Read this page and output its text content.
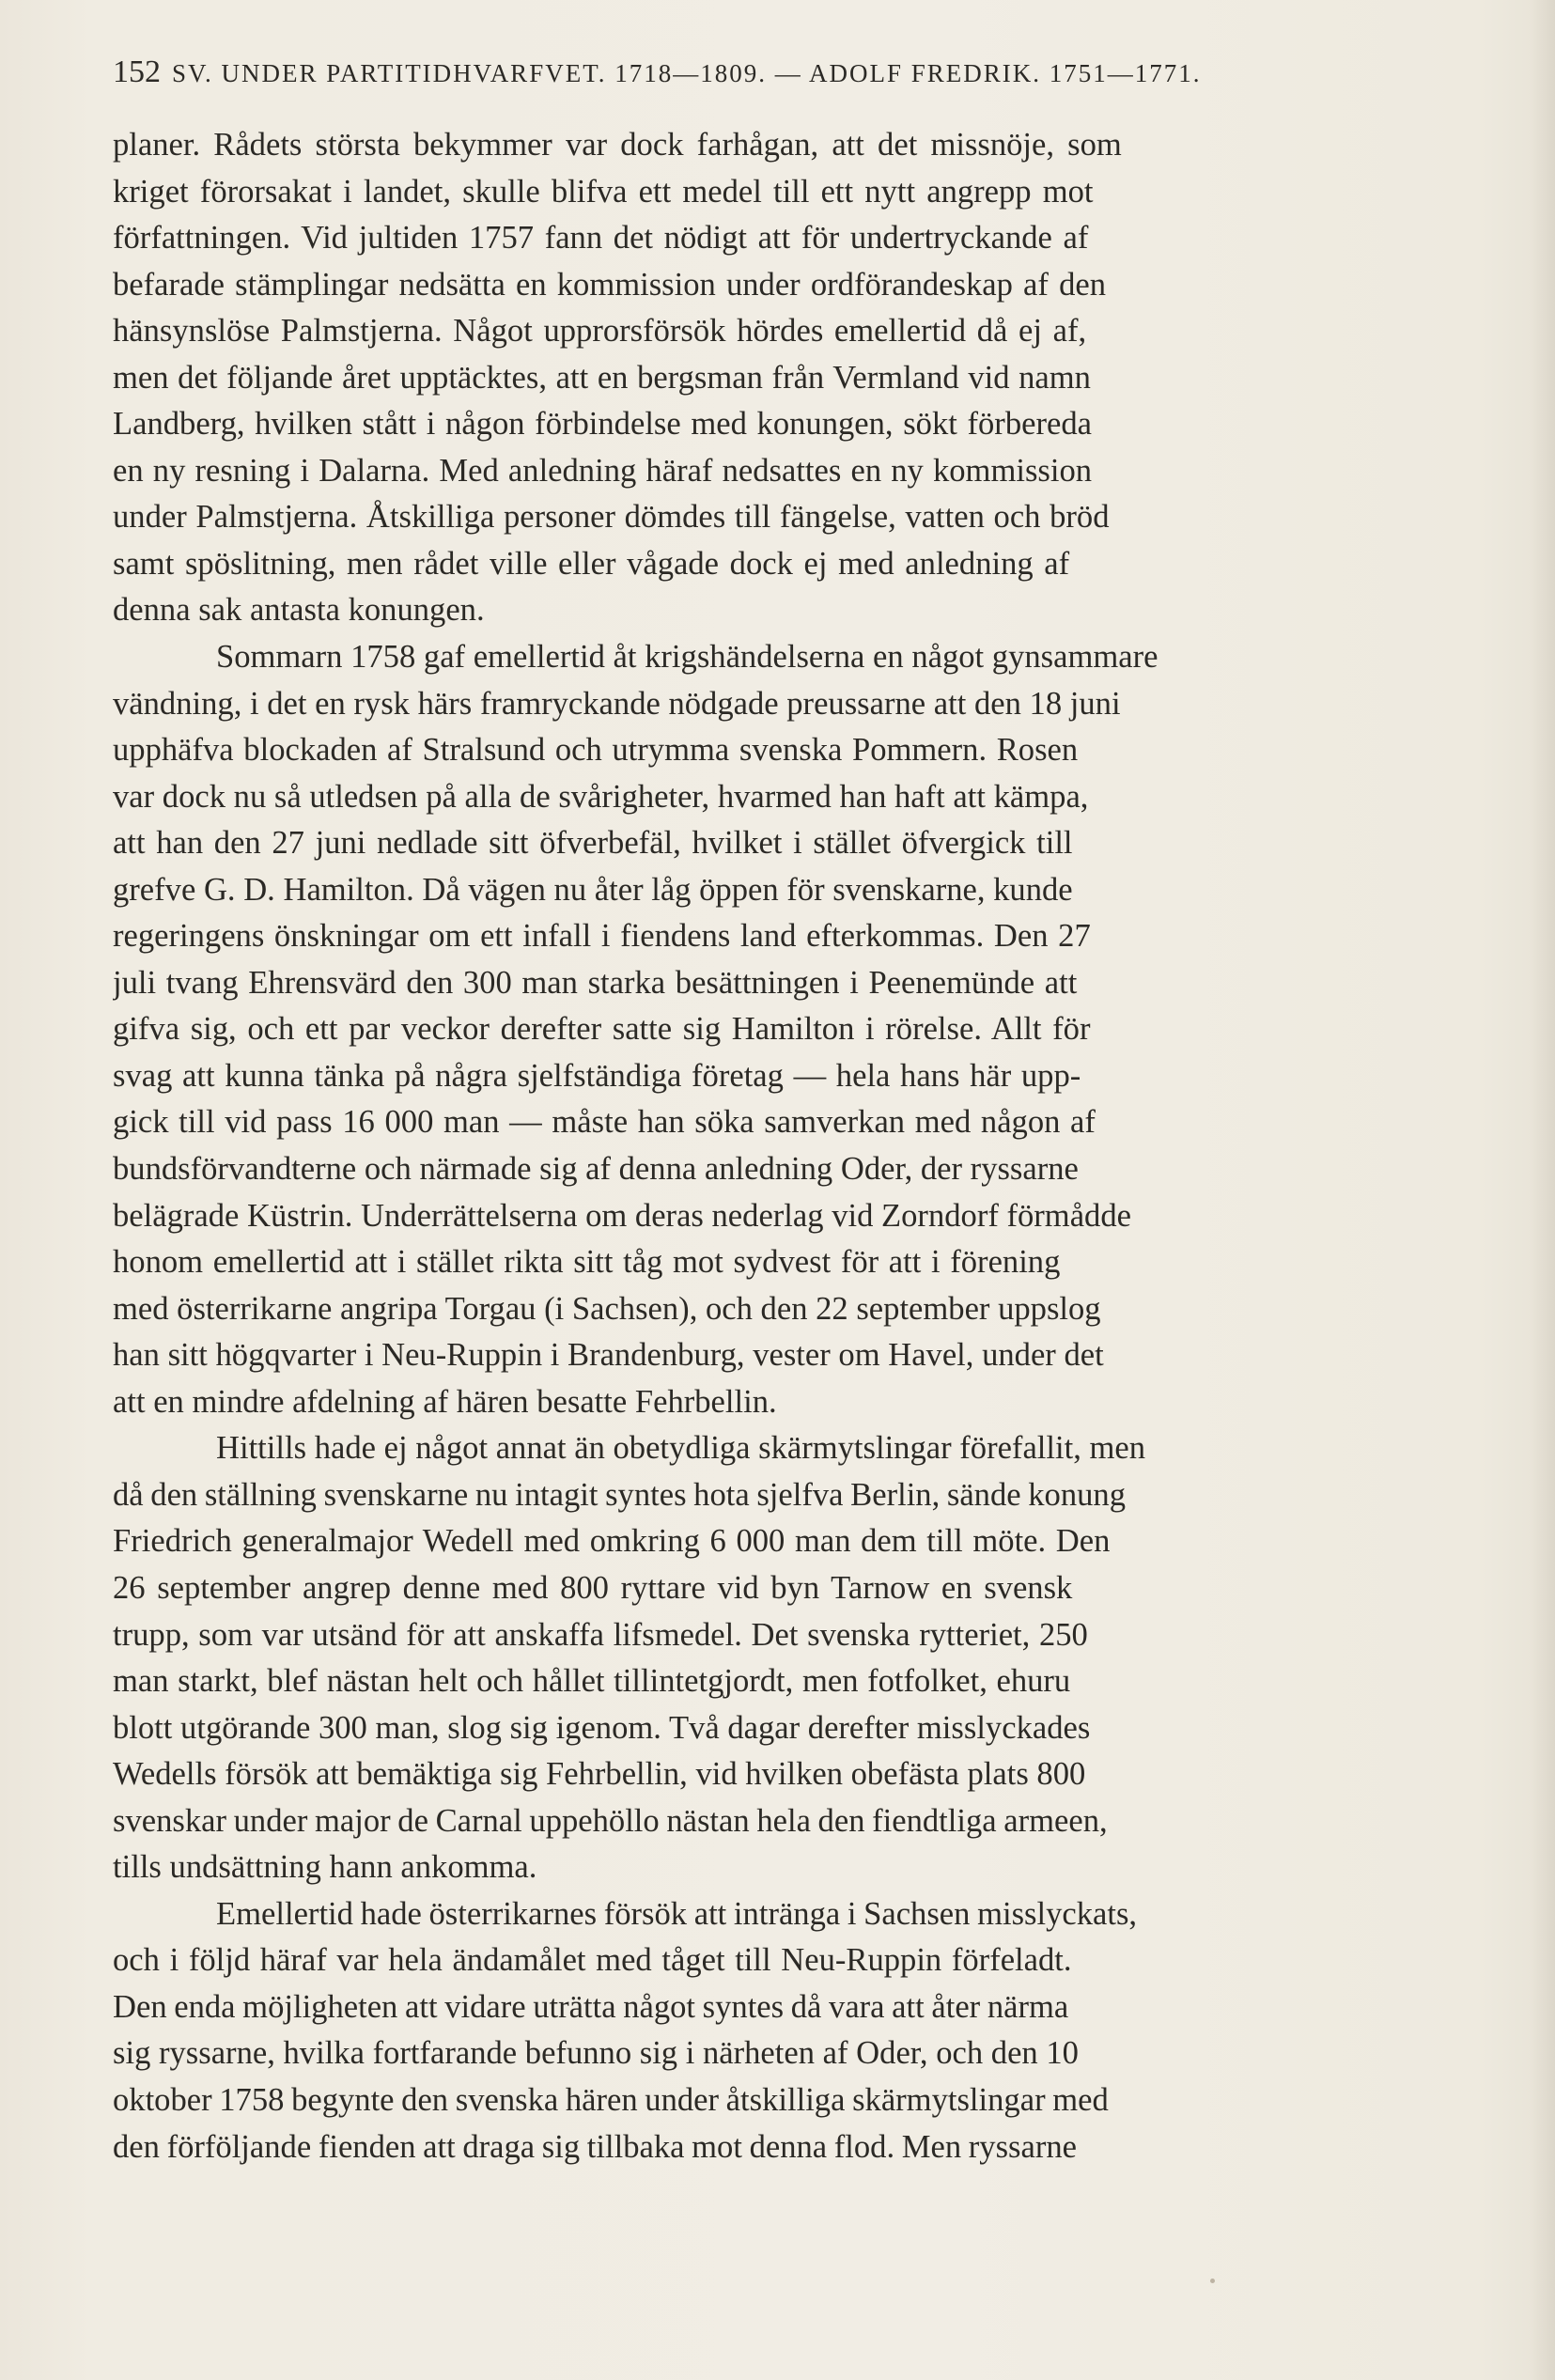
152 SV. UNDER PARTITIDHVARFVET. 1718—1809. — ADOLF FREDRIK. 1751—1771.
planer. Rådets största bekymmer var dock farhågan, att det missnöje, som
kriget förorsakat i landet, skulle blifva ett medel till ett nytt angrepp mot
författningen. Vid jultiden 1757 fann det nödigt att för undertryckande af
befarade stämplingar nedsätta en kommission under ordförandeskap af den
hänsynslöse Palmstjerna. Något upprorsförsök hördes emellertid då ej af,
men det följande året upptäcktes, att en bergsman från Vermland vid namn
Landberg, hvilken stått i någon förbindelse med konungen, sökt förbereda
en ny resning i Dalarna. Med anledning häraf nedsattes en ny kommission
under Palmstjerna. Åtskilliga personer dömdes till fängelse, vatten och bröd
samt spöslitning, men rådet ville eller vågade dock ej med anledning af
denna sak antasta konungen.
Sommarn 1758 gaf emellertid åt krigshändelserna en något gynsammare
vändning, i det en rysk härs framryckande nödgade preussarne att den 18 juni
upphäfva blockaden af Stralsund och utrymma svenska Pommern. Rosen
var dock nu så utledsen på alla de svårigheter, hvarmed han haft att kämpa,
att han den 27 juni nedlade sitt öfverbefäl, hvilket i stället öfvergick till
grefve G. D. Hamilton. Då vägen nu åter låg öppen för svenskarne, kunde
regeringens önskningar om ett infall i fiendens land efterkommas. Den 27
juli tvang Ehrensvärd den 300 man starka besättningen i Peenemünde att
gifva sig, och ett par veckor derefter satte sig Hamilton i rörelse. Allt för
svag att kunna tänka på några sjelfständiga företag — hela hans här upp-
gick till vid pass 16 000 man — måste han söka samverkan med någon af
bundsförvandterne och närmade sig af denna anledning Oder, der ryssarne
belägrade Küstrin. Underrättelserna om deras nederlag vid Zorndorf förmådde
honom emellertid att i stället rikta sitt tåg mot sydvest för att i förening
med österrikarne angripa Torgau (i Sachsen), och den 22 september uppslog
han sitt högqvarter i Neu-Ruppin i Brandenburg, vester om Havel, under det
att en mindre afdelning af hären besatte Fehrbellin.
Hittills hade ej något annat än obetydliga skärmytslingar förefallit, men
då den ställning svenskarne nu intagit syntes hota sjelfva Berlin, sände konung
Friedrich generalmajor Wedell med omkring 6 000 man dem till möte. Den
26 september angrep denne med 800 ryttare vid byn Tarnow en svensk
trupp, som var utsänd för att anskaffa lifsmedel. Det svenska rytteriet, 250
man starkt, blef nästan helt och hållet tillintetgjordt, men fotfolket, ehuru
blott utgörande 300 man, slog sig igenom. Två dagar derefter misslyckades
Wedells försök att bemäktiga sig Fehrbellin, vid hvilken obefästa plats 800
svenskar under major de Carnal uppehöllo nästan hela den fiendtliga armeen,
tills undsättning hann ankomma.
Emellertid hade österrikarnes försök att intränga i Sachsen misslyckats,
och i följd häraf var hela ändamålet med tåget till Neu-Ruppin förfeladt.
Den enda möjligheten att vidare uträtta något syntes då vara att åter närma
sig ryssarne, hvilka fortfarande befunno sig i närheten af Oder, och den 10
oktober 1758 begynte den svenska hären under åtskilliga skärmytslingar med
den förföljande fienden att draga sig tillbaka mot denna flod. Men ryssarne
